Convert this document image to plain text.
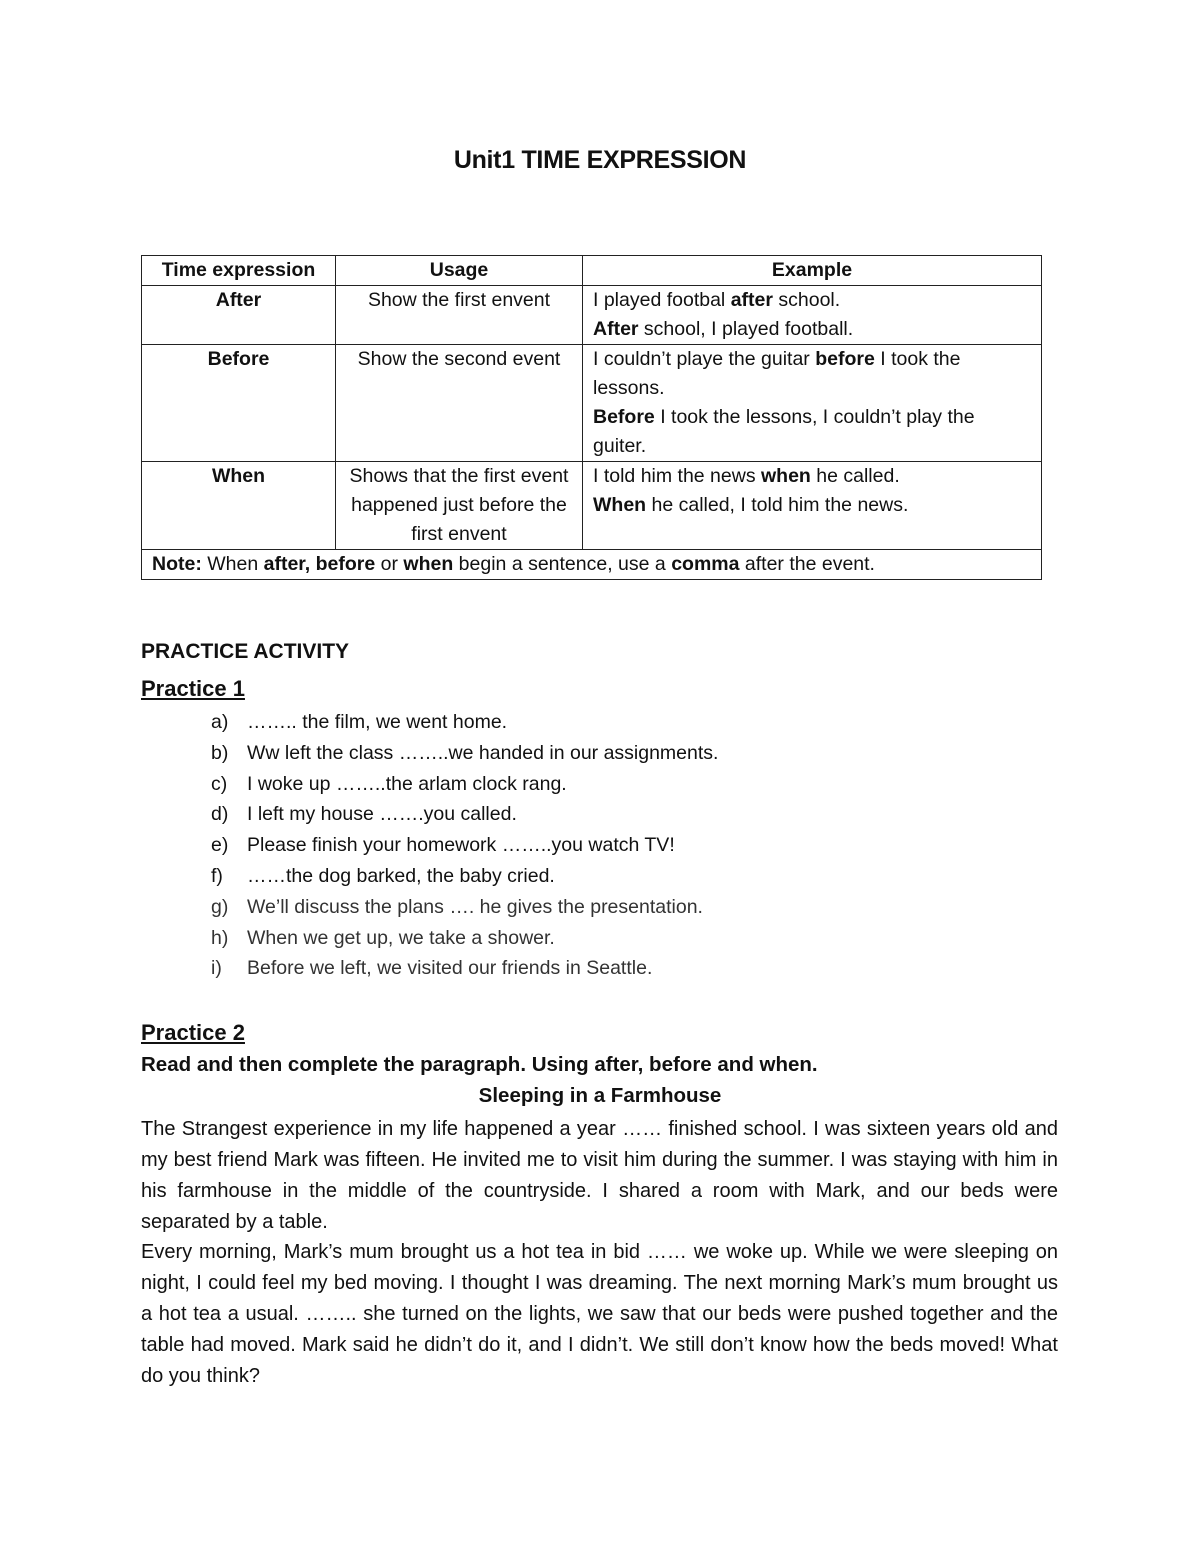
Unit1 TIME EXPRESSION
Time expression	Usage	Example
After	Show the first envent	I played footbal after school.
After school, I played football.

Before	Show the second event	I couldn’t playe the guitar before I took the lessons.
Before I took the lessons, I couldn’t play the guiter.

When	Shows that the first event happened just before the first envent	I told him the news when he called.
When he called, I told him the news.

Note: When after, before or when begin a sentence, use a comma after the event.		
PRACTICE ACTIVITY
Practice 1
a) …….. the film, we went home.
b) Ww left the class ……..we handed in our assignments.
c) I woke up ……..the arlam clock rang.
d) I left my house …….you called.
e) Please finish your homework ……..you watch TV!
f) ……the dog barked, the baby cried.
g) We’ll discuss the plans …. he gives the presentation.
h) When we get up, we take a shower.
i) Before we left, we visited our friends in Seattle.
Practice 2
Read and then complete the paragraph. Using after, before and when.
Sleeping in a Farmhouse

The Strangest experience in my life happened a year …… finished school. I was sixteen years old and my best friend Mark was fifteen. He invited me to visit him during the summer. I was staying with him in his farmhouse in the middle of the countryside. I shared a room with Mark, and our beds were separated by a table.

Every morning, Mark’s mum brought us a hot tea in bid …… we woke up. While we were sleeping on night, I could feel my bed moving. I thought I was dreaming. The next morning Mark’s mum brought us a hot tea a usual. …….. she turned on the lights, we saw that our beds were pushed together and the table had moved. Mark said he didn’t do it, and I didn’t. We still don’t know how the beds moved! What do you think?
